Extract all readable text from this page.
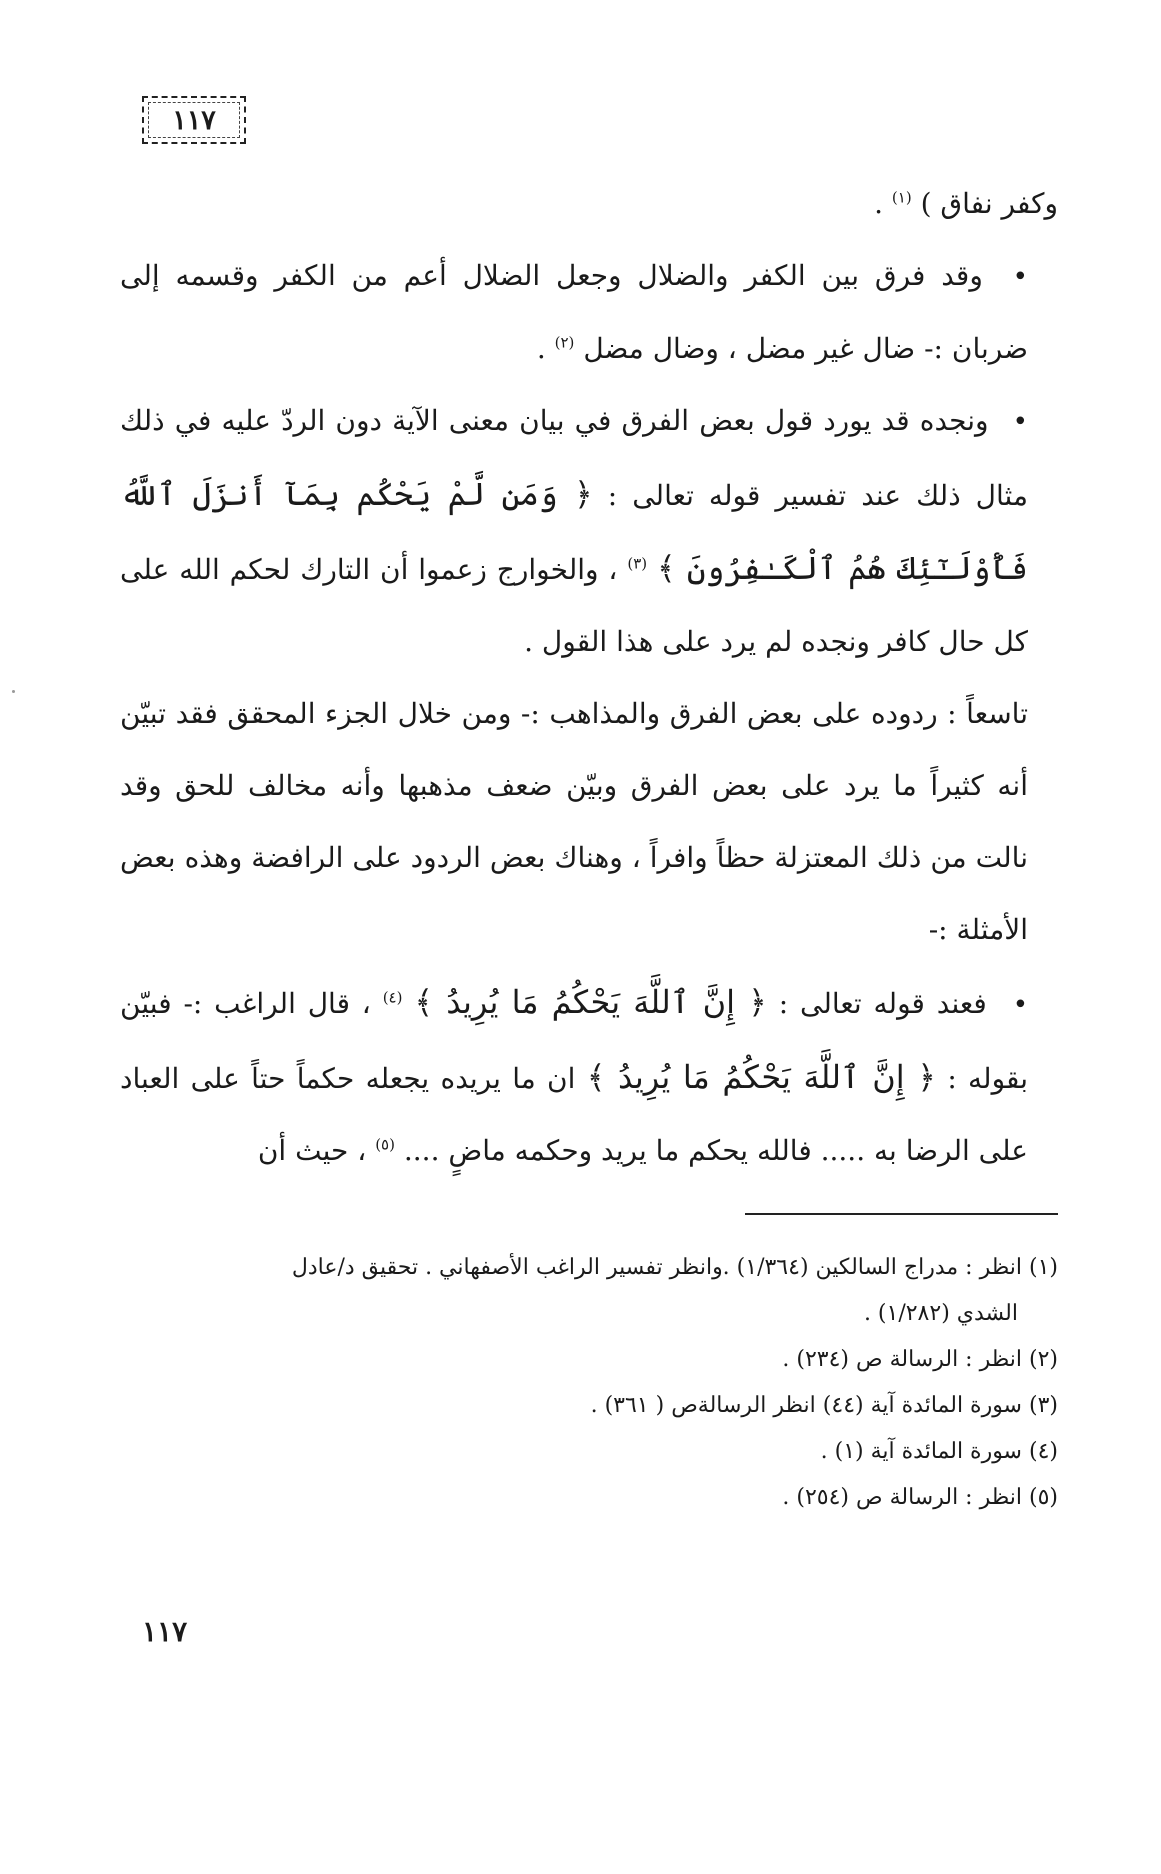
١١٧

وكفر نفاق ) $^{(١)}$ .

• وقد فرق بين الكفر والضلال وجعل الضلال أعم من الكفر وقسمه إلى ضربان :- ضال غير مضل ، وضال مضل $^{(٢)}$ .

• ونجده قد يورد قول بعض الفرق في بيان معنى الآية دون الردّ عليه في ذلك مثال ذلك عند تفسير قوله تعالى : ﴿ وَمَن لَّمْ يَحْكُم بِمَآ أَنزَلَ ٱللَّهُ فَأُوْلَـٰٓئِكَ هُمُ ٱلْكَـٰفِرُونَ ﴾ $^{(٣)}$ ، والخوارج زعموا أن التارك لحكم الله على كل حال كافر ونجده لم يرد على هذا القول .

تاسعاً : ردوده على بعض الفرق والمذاهب :- ومن خلال الجزء المحقق فقد تبيّن أنه كثيراً ما يرد على بعض الفرق وبيّن ضعف مذهبها وأنه مخالف للحق وقد نالت من ذلك المعتزلة حظاً وافراً ، وهناك بعض الردود على الرافضة وهذه بعض الأمثلة :-

• فعند قوله تعالى : ﴿ إِنَّ ٱللَّهَ يَحْكُمُ مَا يُرِيدُ ﴾ $^{(٤)}$ ، قال الراغب :- فبيّن بقوله : ﴿ إِنَّ ٱللَّهَ يَحْكُمُ مَا يُرِيدُ ﴾ ان ما يريده يجعله حكماً حتاً على العباد على الرضا به ..... فالله يحكم ما يريد وحكمه ماضٍ .... $^{(٥)}$ ، حيث أن

(١) انظر : مدراج السالكين (١/٣٦٤) .وانظر تفسير الراغب الأصفهاني . تحقيق د/عادل

الشدي (١/٢٨٢) .

(٢) انظر : الرسالة ص (٢٣٤) .

(٣) سورة المائدة آية (٤٤) انظر الرسالةص ( ٣٦١) .

(٤) سورة المائدة آية (١) .

(٥) انظر : الرسالة ص (٢٥٤) .

١١٧
